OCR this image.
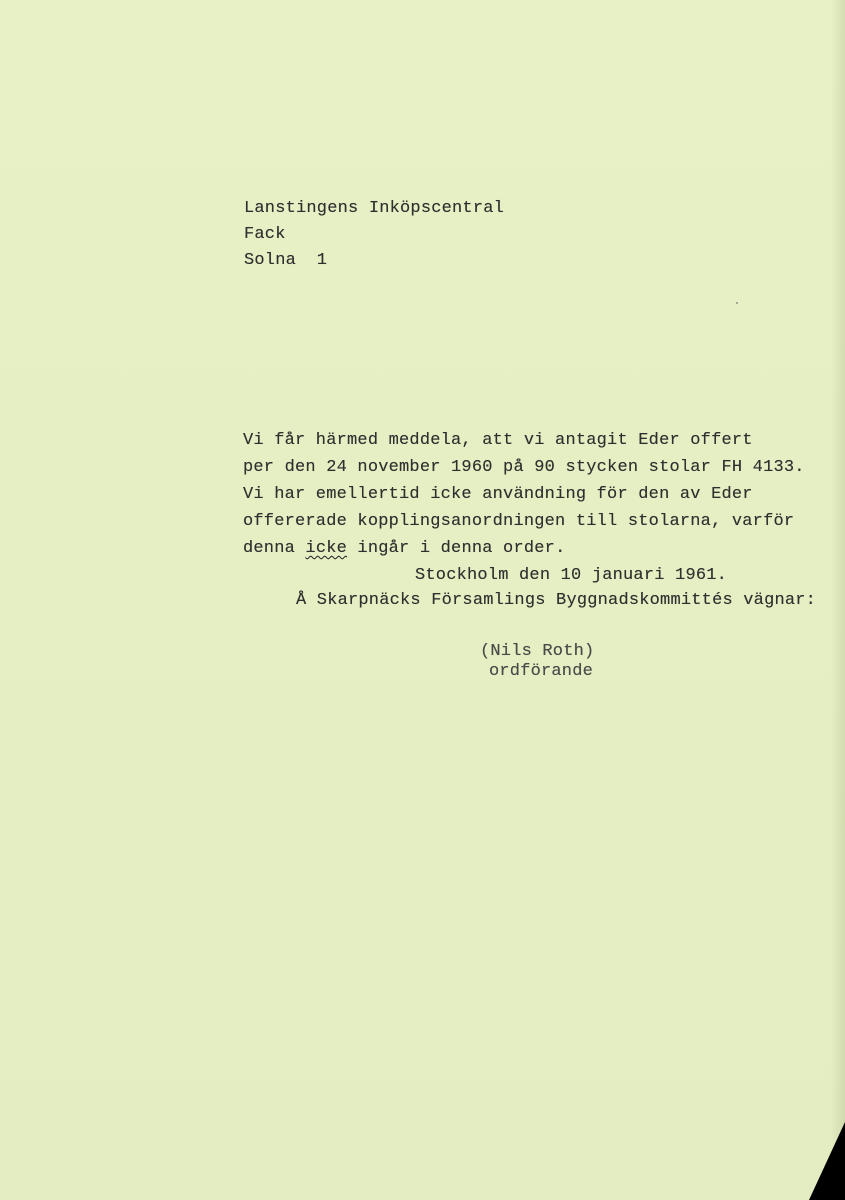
Lanstingens Inköpscentral
Fack
Solna  1
Vi får härmed meddela, att vi antagit Eder offert
per den 24 november 1960 på 90 stycken stolar FH 4133.
Vi har emellertid icke användning för den av Eder
offererade kopplingsanordningen till stolarna, varför
denna icke ingår i denna order.
Stockholm den 10 januari 1961.
Å Skarpnäcks Församlings Byggnadskommittés vägnar:
(Nils Roth)
ordförande
